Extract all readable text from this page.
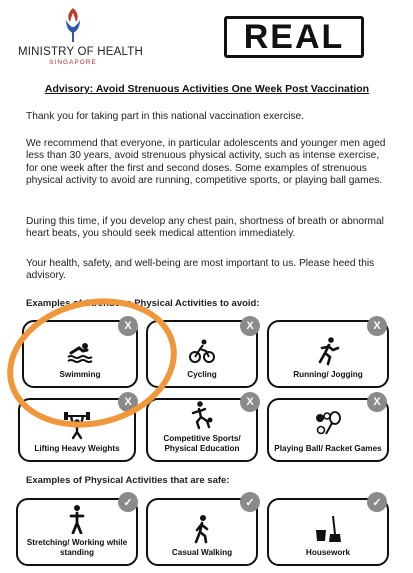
MINISTRY OF HEALTH
SINGAPORE
REAL
Advisory: Avoid Strenuous Activities One Week Post Vaccination
Thank you for taking part in this national vaccination exercise.
We recommend that everyone, in particular adolescents and younger men aged less than 30 years, avoid strenuous physical activity, such as intense exercise, for one week after the first and second doses. Some examples of strenuous physical activity to avoid are running, competitive sports, or playing ball games.
During this time, if you develop any chest pain, shortness of breath or abnormal heart beats, you should seek medical attention immediately.
Your health, safety, and well-being are most important to us. Please heed this advisory.
Examples of Strenuous Physical Activities to avoid:
Swimming	Cycling	Running/ Jogging
Lifting Heavy Weights
Competitive Sports/ Physical Education	Playing Ball/ Racket Games
X	X	X
X	X	X
Examples of Physical Activities that are safe:
Stretching/ Working while standing	Casual Walking	Housework
✓	✓	✓
